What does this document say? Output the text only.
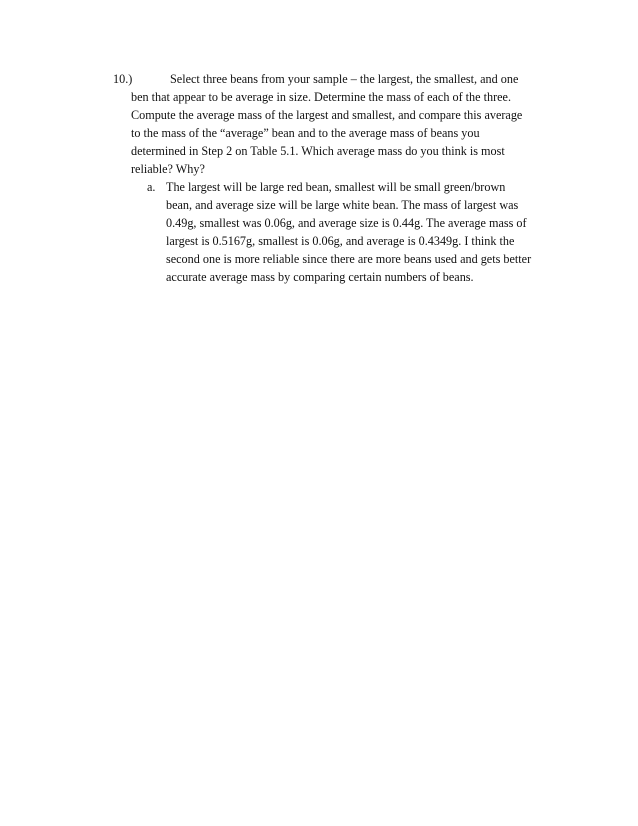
10.)	Select three beans from your sample – the largest, the smallest, and one
ben that appear to be average in size. Determine the mass of each of the three.
Compute the average mass of the largest and smallest, and compare this average
to the mass of the “average” bean and to the average mass of beans you
determined in Step 2 on Table 5.1. Which average mass do you think is most
reliable? Why?
a. The largest will be large red bean, smallest will be small green/brown
bean, and average size will be large white bean. The mass of largest was
0.49g, smallest was 0.06g, and average size is 0.44g. The average mass of
largest is 0.5167g, smallest is 0.06g, and average is 0.4349g. I think the
second one is more reliable since there are more beans used and gets better
accurate average mass by comparing certain numbers of beans.
